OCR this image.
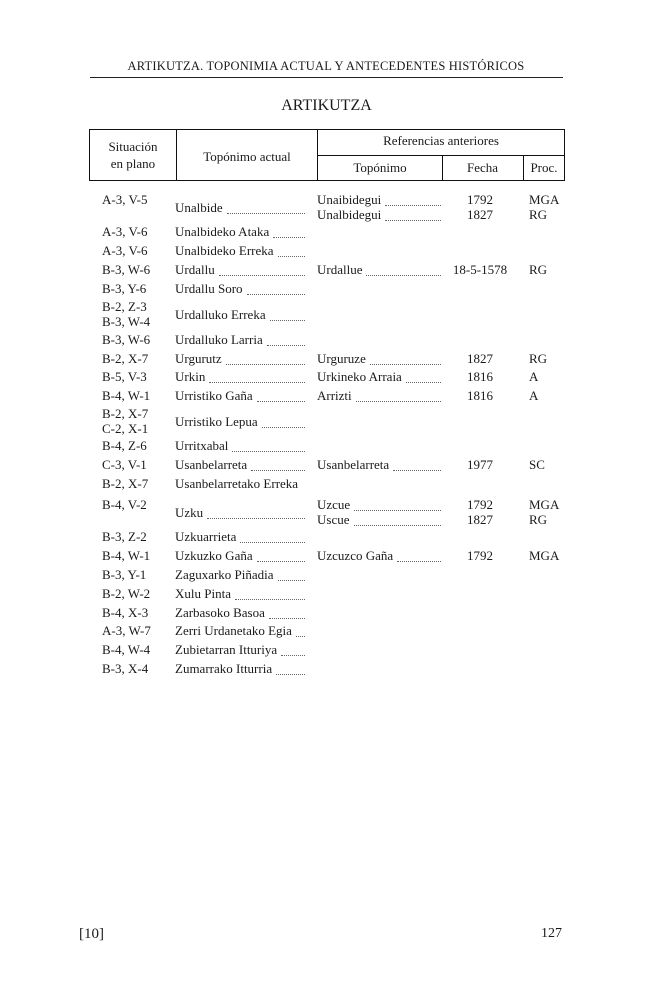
ARTIKUTZA. TOPONIMIA ACTUAL Y ANTECEDENTES HISTÓRICOS
ARTIKUTZA
Situación
en plano	Topónimo actual
Referencias anteriores
Topónimo	Fecha	Proc.
A-3, V-5 Unalbide	Unaibidegui	1792	MGA
Unalbidegui	1827	RG
A-3, V-6 Unalbideko Ataka
A-3, V-6 Unalbideko Erreka
B-3, W-6 Urdallu	Urdallue	18-5-1578	RG
B-3, Y-6 Urdallu Soro
B-2, Z-3
B-3, W-4 Urdalluko Erreka
B-3, W-6 Urdalluko Larria
B-2, X-7 Urgurutz	Urguruze	1827	RG
B-5, V-3 Urkin	Urkineko Arraia	1816	A
B-4, W-1 Urristiko Gaña	Arrizti	1816	A
B-2, X-7
C-2, X-1 Urristiko Lepua
B-4, Z-6 Urritxabal
C-3, V-1 Usanbelarreta	Usanbelarreta	1977	SC
B-2, X-7 Usanbelarretako Erreka
B-4, V-2 Uzku	Uzcue	1792	MGA
Uscue	1827	RG
B-3, Z-2 Uzkuarrieta
B-4, W-1 Uzkuzko Gaña	Uzcuzco Gaña	1792	MGA
B-3, Y-1 Zaguxarko Piñadia
B-2, W-2 Xulu Pinta
B-4, X-3 Zarbasoko Basoa
A-3, W-7 Zerri Urdanetako Egia
B-4, W-4 Zubietarran Itturiya
B-3, X-4 Zumarrako Itturria
[10]	127
